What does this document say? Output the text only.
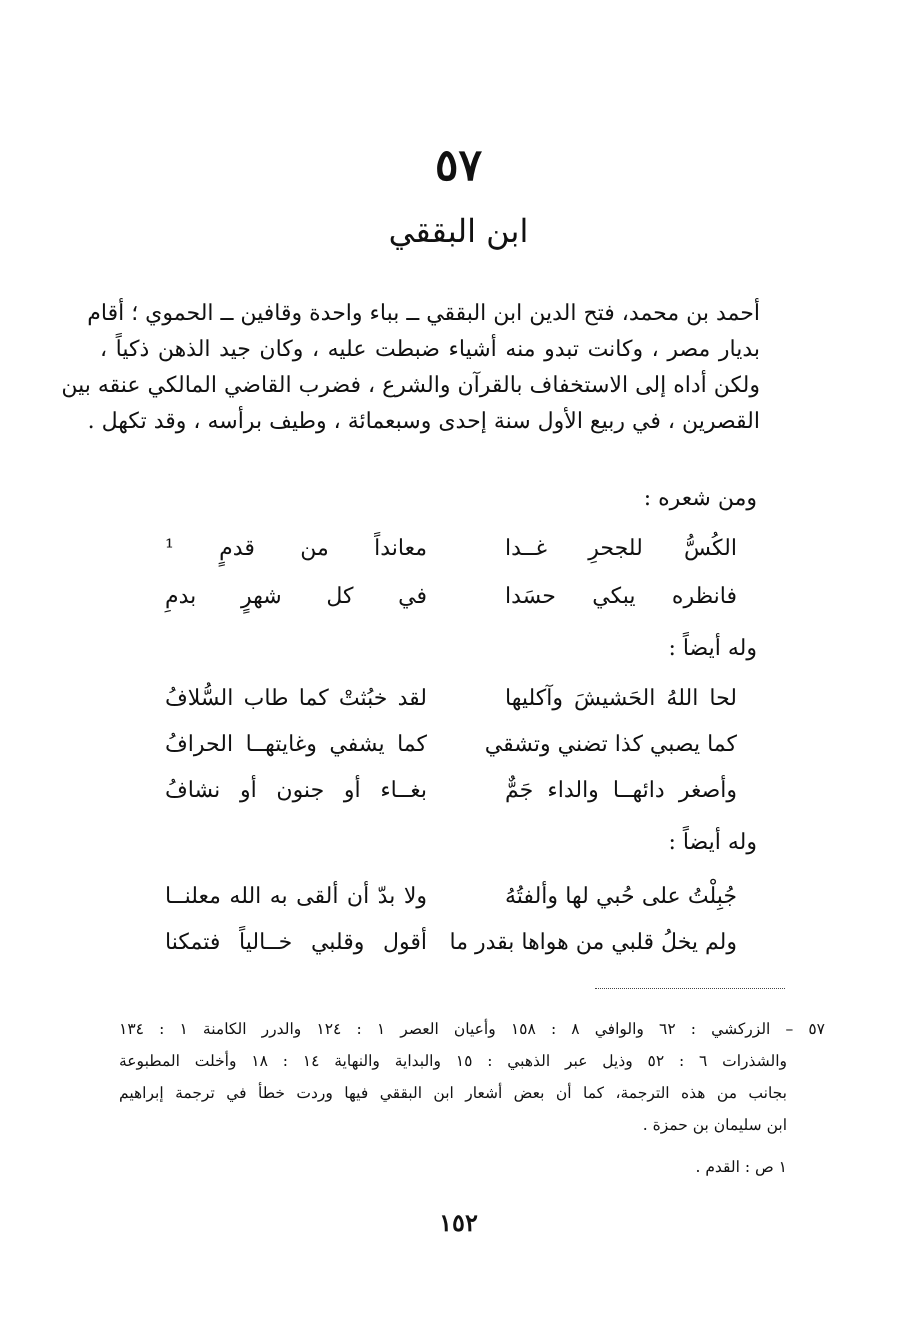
٥٧
ابن البققي
أحمد بن محمد، فتح الدين ابن البققي ــ بباء واحدة وقافين ــ الحموي ؛ أقام
بديار مصر ، وكانت تبدو منه أشياء ضبطت عليه ، وكان جيد الذهن ذكياً ،
ولكن أداه إلى الاستخفاف بالقرآن والشرع ، فضرب القاضي المالكي عنقه بين
القصرين ، في ربيع الأول سنة إحدى وسبعمائة ، وطيف برأسه ، وقد تكهل .
ومن شعره :
الكُسُّ للجحرِ غــدا
معانداً من قدمٍ ¹
فانظره يبكي حسَدا
في كل شهرٍ بدمِ
وله أيضاً :
لحا اللهُ الحَشيشَ وآكليها
لقد خبُثتْ كما طاب السُّلافُ
كما يصبي كذا تضني وتشقي
كما يشفي وغايتهــا الحرافُ
وأصغر دائهــا والداء جَمٌّ
بغــاء أو جنون أو نشافُ
وله أيضاً :
جُبِلْتُ على حُبي لها وألفتُهُ
ولا بدّ أن ألقى به الله معلنــا
ولم يخلُ قلبي من هواها بقدر ما
أقول وقلبي خــالياً فتمكنا
٥٧ – الزركشي : ٦٢ والوافي ٨ : ١٥٨ وأعيان العصر ١ : ١٢٤ والدرر الكامنة ١ : ١٣٤
والشذرات ٦ : ٥٢ وذيل عبر الذهبي : ١٥ والبداية والنهاية ١٤ : ١٨ وأخلت المطبوعة
بجانب من هذه الترجمة، كما أن بعض أشعار ابن البققي فيها وردت خطأ في ترجمة إبراهيم
ابن سليمان بن حمزة .
١ ص : القدم .
١٥٢
